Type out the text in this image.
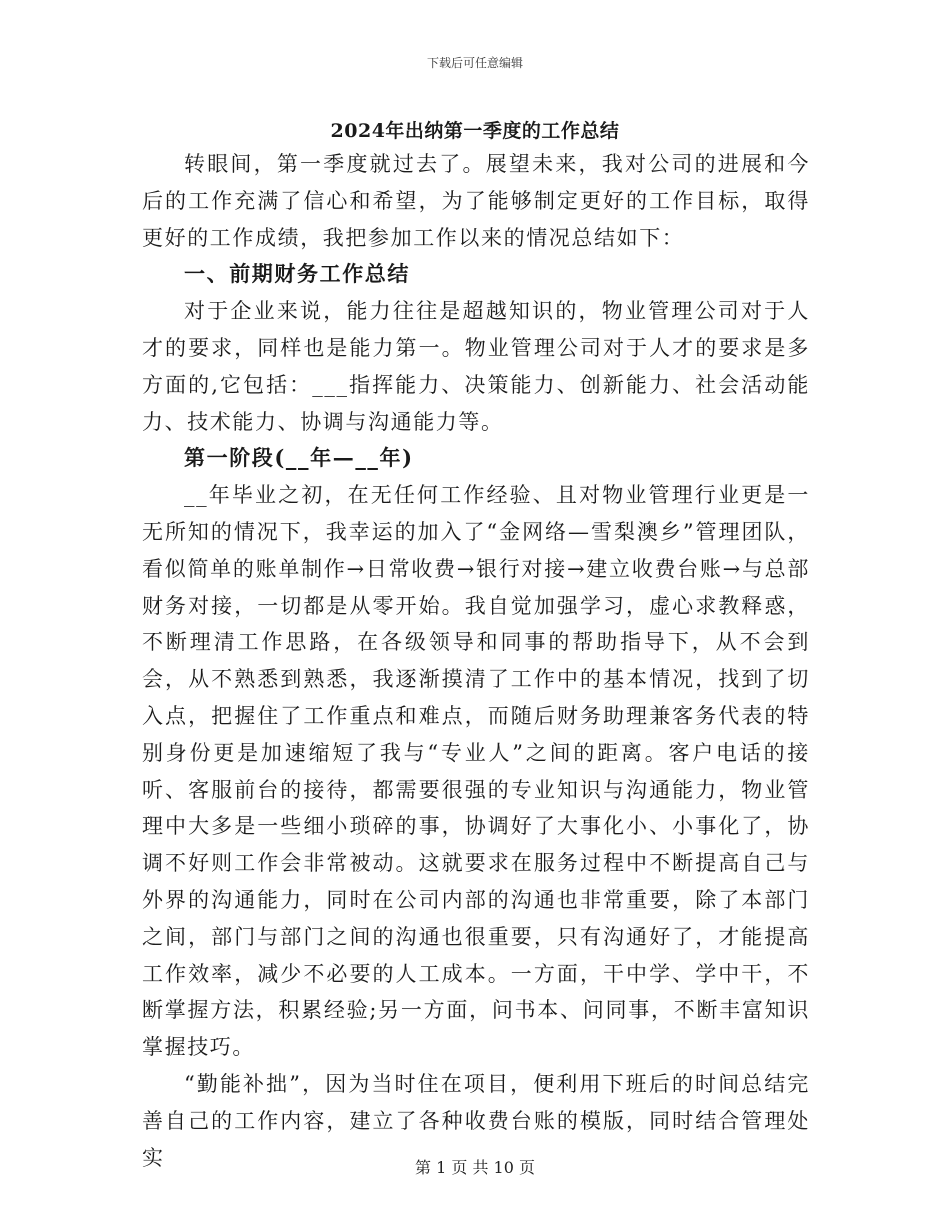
下载后可任意编辑
2024年出纳第一季度的工作总结

转眼间，第一季度就过去了。展望未来，我对公司的进展和今后的工作充满了信心和希望，为了能够制定更好的工作目标，取得更好的工作成绩，我把参加工作以来的情况总结如下：

一、前期财务工作总结

对于企业来说，能力往往是超越知识的，物业管理公司对于人才的要求，同样也是能力第一。物业管理公司对于人才的要求是多方面的,它包括：___指挥能力、决策能力、创新能力、社会活动能力、技术能力、协调与沟通能力等。

第一阶段(__年—__年)

__年毕业之初，在无任何工作经验、且对物业管理行业更是一无所知的情况下，我幸运的加入了“金网络—雪梨澳乡”管理团队，看似简单的账单制作→日常收费→银行对接→建立收费台账→与总部财务对接，一切都是从零开始。我自觉加强学习，虚心求教释惑，不断理清工作思路，在各级领导和同事的帮助指导下，从不会到会，从不熟悉到熟悉，我逐渐摸清了工作中的基本情况，找到了切入点，把握住了工作重点和难点，而随后财务助理兼客务代表的特别身份更是加速缩短了我与“专业人”之间的距离。客户电话的接听、客服前台的接待，都需要很强的专业知识与沟通能力，物业管理中大多是一些细小琐碎的事，协调好了大事化小、小事化了，协调不好则工作会非常被动。这就要求在服务过程中不断提高自己与外界的沟通能力，同时在公司内部的沟通也非常重要，除了本部门之间，部门与部门之间的沟通也很重要，只有沟通好了，才能提高工作效率，减少不必要的人工成本。一方面，干中学、学中干，不断掌握方法，积累经验;另一方面，问书本、问同事，不断丰富知识掌握技巧。

“勤能补拙”，因为当时住在项目，便利用下班后的时间总结完善自己的工作内容，建立了各种收费台账的模版，同时结合管理处实	第 1 页 共 10 页
